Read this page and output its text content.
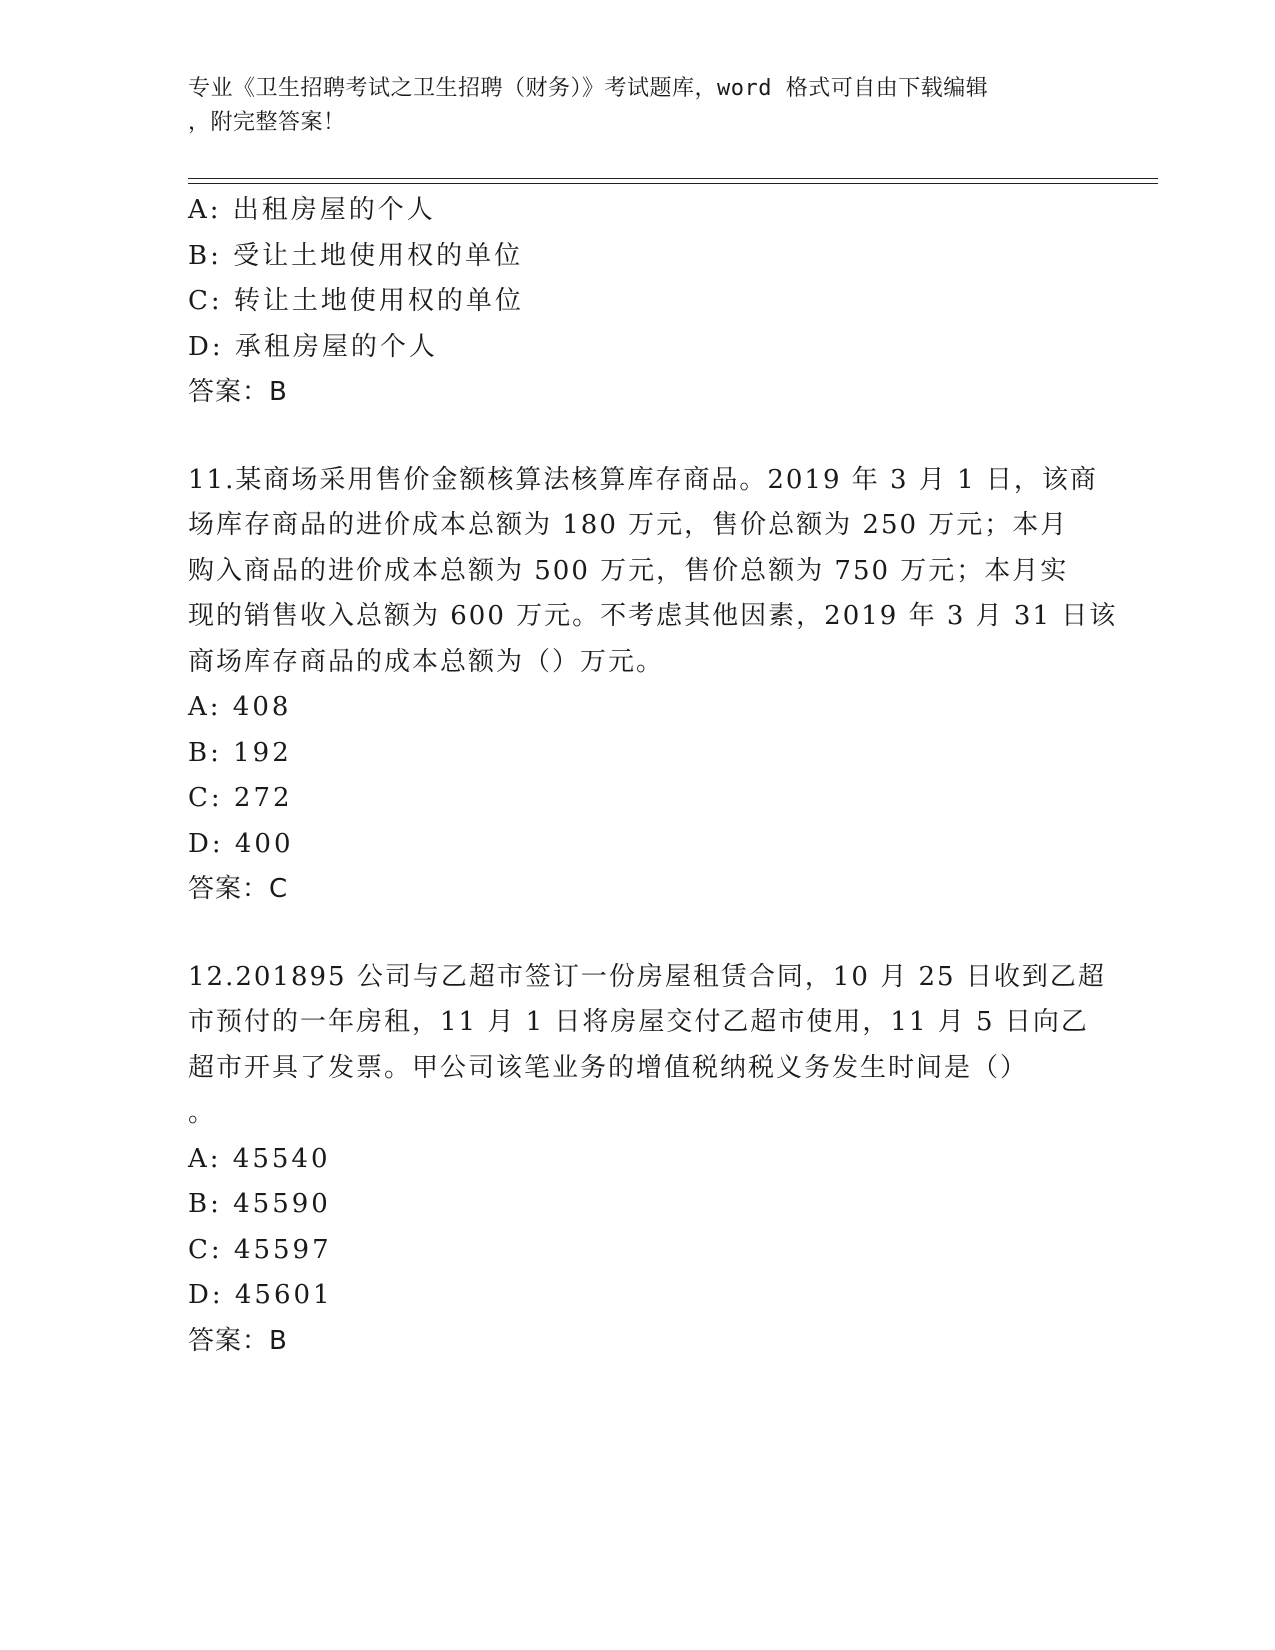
专业《卫生招聘考试之卫生招聘（财务）》考试题库，word 格式可自由下载编辑
，附完整答案！
A: 出租房屋的个人
B: 受让土地使用权的单位
C: 转让土地使用权的单位
D: 承租房屋的个人
答案：B
11.某商场采用售价金额核算法核算库存商品。2019 年 3 月 1 日，该商
场库存商品的进价成本总额为 180 万元，售价总额为 250 万元；本月
购入商品的进价成本总额为 500 万元，售价总额为 750 万元；本月实
现的销售收入总额为 600 万元。不考虑其他因素，2019 年 3 月 31 日该
商场库存商品的成本总额为（）万元。
A: 408
B: 192
C: 272
D: 400
答案：C
12.201895 公司与乙超市签订一份房屋租赁合同，10 月 25 日收到乙超
市预付的一年房租，11 月 1 日将房屋交付乙超市使用，11 月 5 日向乙
超市开具了发票。甲公司该笔业务的增值税纳税义务发生时间是（）
。
A: 45540
B: 45590
C: 45597
D: 45601
答案：B
